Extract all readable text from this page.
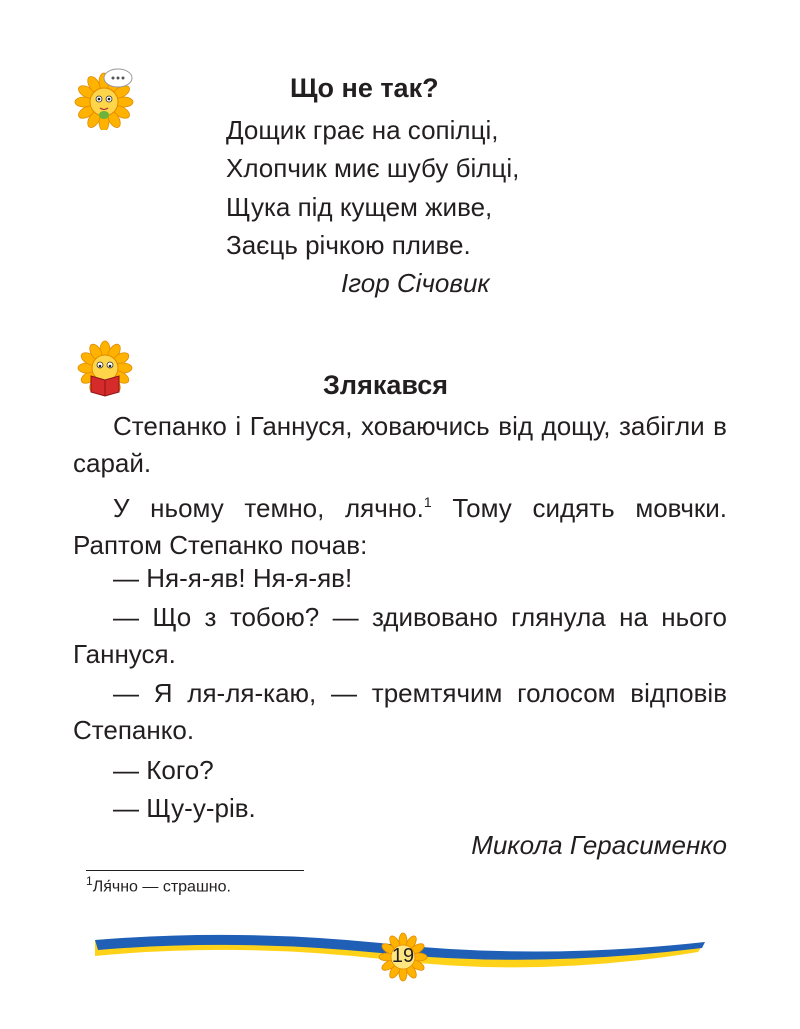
Що не так?
Дощик грає на сопілці,
Хлопчик миє шубу білці,
Щука під кущем живе,
Заєць річкою пливе.
Ігор Січовик
Злякався
Степанко і Ганнуся, ховаючись від дощу, забігли в сарай.
У ньому темно, лячно.$^1$ Тому сидять мовчки. Раптом Степанко почав:
— Ня-я-яв! Ня-я-яв!
— Що з тобою? — здивовано глянула на нього Ганнуся.
— Я ля-ля-каю, — тремтячим голосом відповів Степанко.
— Кого?
— Щу-у-рів.
Микола Герасименко
$^1$Ля́чно — страшно.
19
